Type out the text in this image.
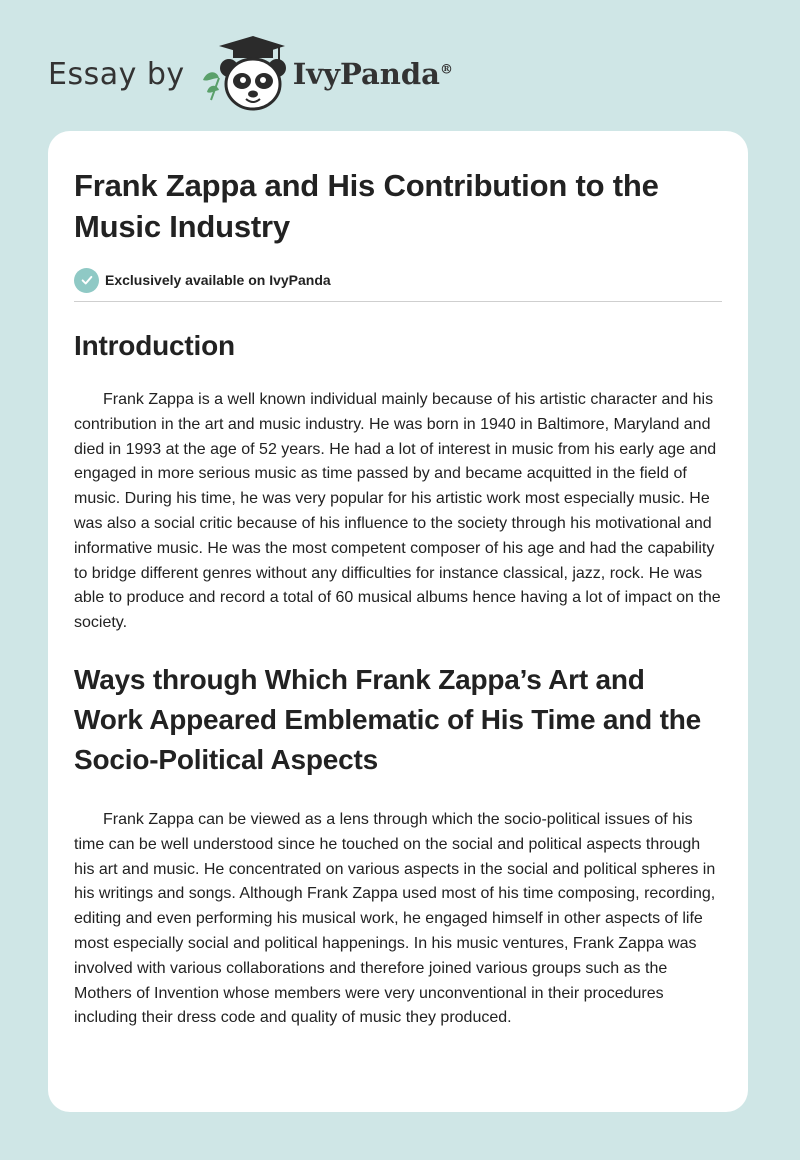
Essay by	IvyPanda®
Frank Zappa and His Contribution to the Music Industry
Exclusively available on IvyPanda
Introduction

Frank Zappa is a well known individual mainly because of his artistic character and his contribution in the art and music industry. He was born in 1940 in Baltimore, Maryland and died in 1993 at the age of 52 years. He had a lot of interest in music from his early age and engaged in more serious music as time passed by and became acquitted in the field of music. During his time, he was very popular for his artistic work most especially music. He was also a social critic because of his influence to the society through his motivational and informative music. He was the most competent composer of his age and had the capability to bridge different genres without any difficulties for instance classical, jazz, rock. He was able to produce and record a total of 60 musical albums hence having a lot of impact on the society.

Ways through Which Frank Zappa’s Art and Work Appeared Emblematic of His Time and the Socio-Political Aspects

Frank Zappa can be viewed as a lens through which the socio-political issues of his time can be well understood since he touched on the social and political aspects through his art and music. He concentrated on various aspects in the social and political spheres in his writings and songs. Although Frank Zappa used most of his time composing, recording, editing and even performing his musical work, he engaged himself in other aspects of life most especially social and political happenings. In his music ventures, Frank Zappa was involved with various collaborations and therefore joined various groups such as the Mothers of Invention whose members were very unconventional in their procedures including their dress code and quality of music they produced.
